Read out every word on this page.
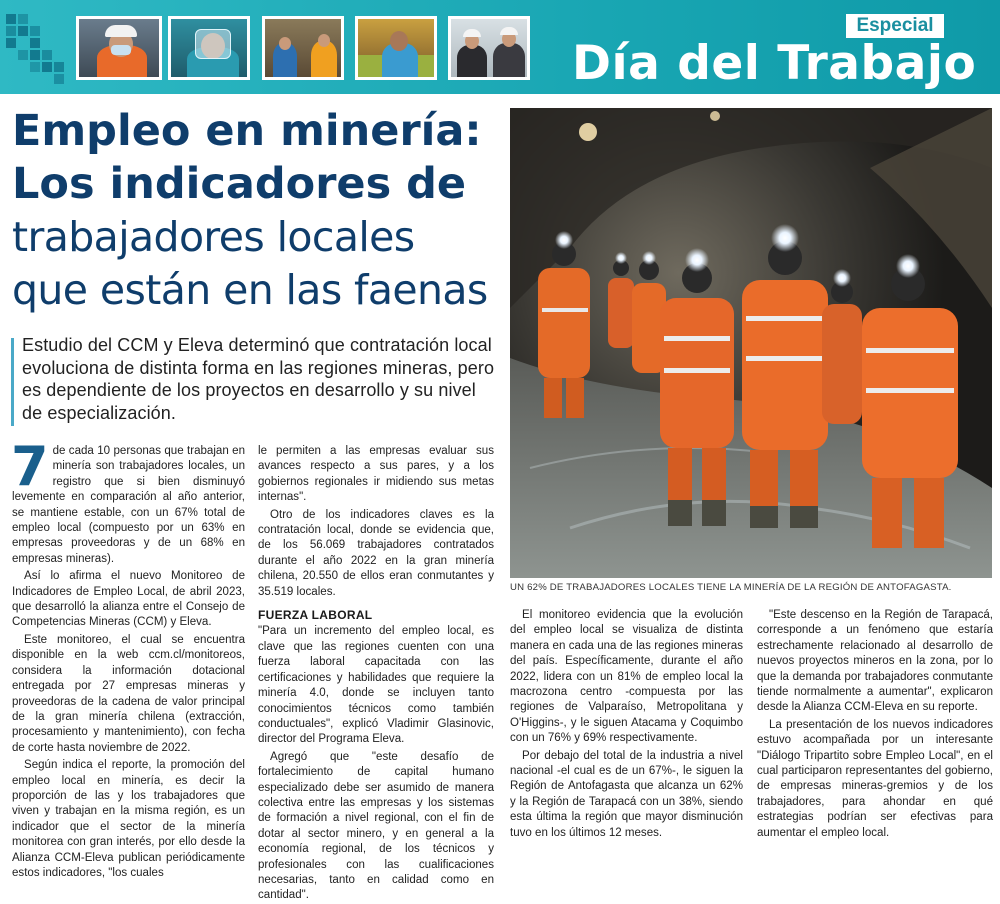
Especial
Día del Trabajo
Empleo en minería:
Los indicadores de
trabajadores locales
que están en las faenas
Estudio del CCM y Eleva determinó que contratación local evoluciona de distinta forma en las regiones mineras, pero es dependiente de los proyectos en desarrollo y su nivel de especialización.
UN 62% DE TRABAJADORES LOCALES TIENE LA MINERÍA DE LA REGIÓN DE ANTOFAGASTA.

7 de cada 10 personas que trabajan en minería son trabajadores locales, un registro que si bien disminuyó levemente en comparación al año anterior, se mantiene estable, con un 67% total de empleo local (compuesto por un 63% en empresas proveedoras y de un 68% en empresas mineras).

Así lo afirma el nuevo Monitoreo de Indicadores de Empleo Local, de abril 2023, que desarrolló la alianza entre el Consejo de Competencias Mineras (CCM) y Eleva.

Este monitoreo, el cual se encuentra disponible en la web ccm.cl/monitoreos, considera la información dotacional entregada por 27 empresas mineras y proveedoras de la cadena de valor principal de la gran minería chilena (extracción, procesamiento y mantenimiento), con fecha de corte hasta noviembre de 2022.

Según indica el reporte, la promoción del empleo local en minería, es decir la proporción de las y los trabajadores que viven y trabajan en la misma región, es un indicador que el sector de la minería monitorea con gran interés, por ello desde la Alianza CCM-Eleva publican periódicamente estos indicadores, "los cuales

le permiten a las empresas evaluar sus avances respecto a sus pares, y a los gobiernos regionales ir midiendo sus metas internas".

Otro de los indicadores claves es la contratación local, donde se evidencia que, de los 56.069 trabajadores contratados durante el año 2022 en la gran minería chilena, 20.550 de ellos eran conmutantes y 35.519 locales.

FUERZA LABORAL

"Para un incremento del empleo local, es clave que las regiones cuenten con una fuerza laboral capacitada con las certificaciones y habilidades que requiere la minería 4.0, donde se incluyen tanto conocimientos técnicos como también conductuales", explicó Vladimir Glasinovic, director del Programa Eleva.

Agregó que "este desafío de fortalecimiento de capital humano especializado debe ser asumido de manera colectiva entre las empresas y los sistemas de formación a nivel regional, con el fin de dotar al sector minero, y en general a la economía regional, de los técnicos y profesionales con las cualificaciones necesarias, tanto en calidad como en cantidad".

El monitoreo evidencia que la evolución del empleo local se visualiza de distinta manera en cada una de las regiones mineras del país. Específicamente, durante el año 2022, lidera con un 81% de empleo local la macrozona centro -compuesta por las regiones de Valparaíso, Metropolitana y O'Higgins-, y le siguen Atacama y Coquimbo con un 76% y 69% respectivamente.

Por debajo del total de la industria a nivel nacional -el cual es de un 67%-, le siguen la Región de Antofagasta que alcanza un 62% y la Región de Tarapacá con un 38%, siendo esta última la región que mayor disminución tuvo en los últimos 12 meses.

"Este descenso en la Región de Tarapacá, corresponde a un fenómeno que estaría estrechamente relacionado al desarrollo de nuevos proyectos mineros en la zona, por lo que la demanda por trabajadores conmutante tiende normalmente a aumentar", explicaron desde la Alianza CCM-Eleva en su reporte.

La presentación de los nuevos indicadores estuvo acompañada por un interesante "Diálogo Tripartito sobre Empleo Local", en el cual participaron representantes del gobierno, de empresas mineras-gremios y de los trabajadores, para ahondar en qué estrategias podrían ser efectivas para aumentar el empleo local.
